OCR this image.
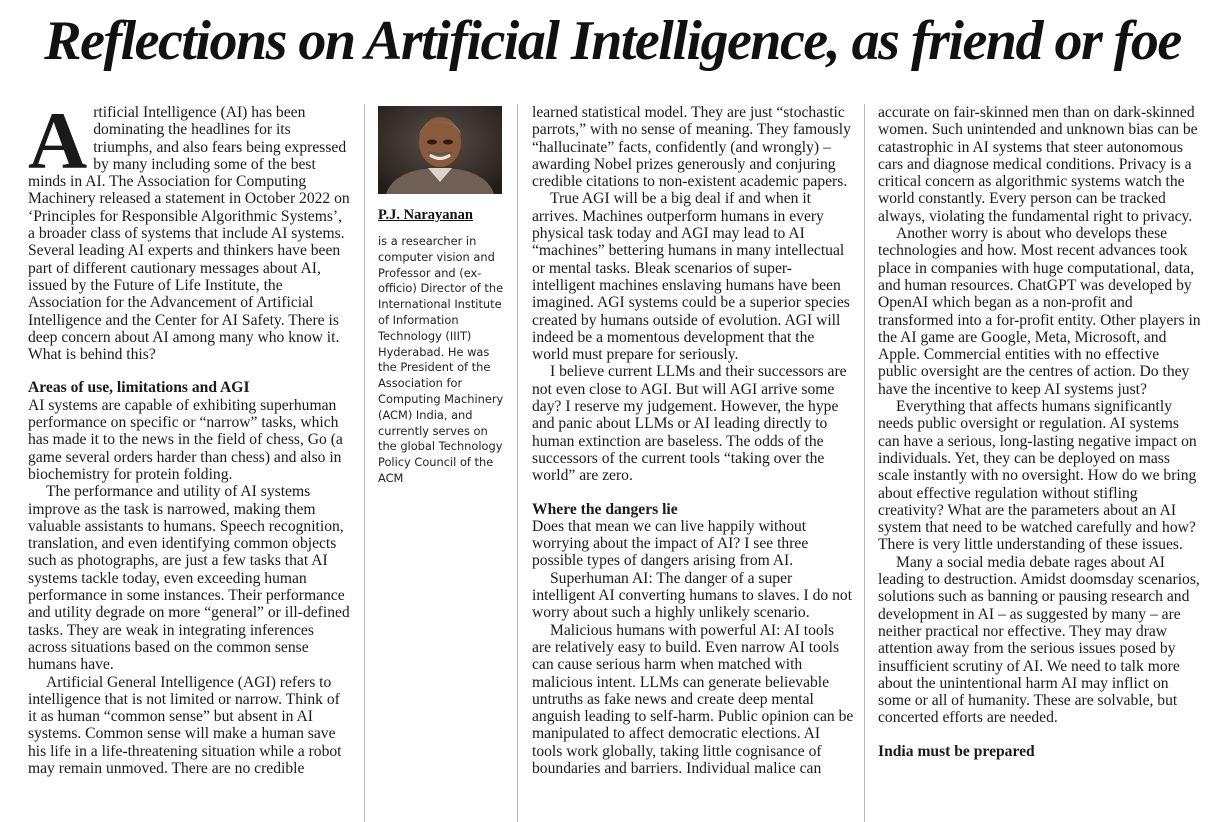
Reflections on Artificial Intelligence, as friend or foe
A rtificial Intelligence (AI) has been dominating the headlines for its triumphs, and also fears being expressed by many including some of the best minds in AI. The Association for Computing Machinery released a statement in October 2022 on ‘Principles for Responsible Algorithmic Systems’, a broader class of systems that include AI systems. Several leading AI experts and thinkers have been part of different cautionary messages about AI, issued by the Future of Life Institute, the Association for the Advancement of Artificial Intelligence and the Center for AI Safety. There is deep concern about AI among many who know it. What is behind this?

Areas of use, limitations and AGI

AI systems are capable of exhibiting superhuman performance on specific or “narrow” tasks, which has made it to the news in the field of chess, Go (a game several orders harder than chess) and also in biochemistry for protein folding.

The performance and utility of AI systems improve as the task is narrowed, making them valuable assistants to humans. Speech recognition, translation, and even identifying common objects such as photographs, are just a few tasks that AI systems tackle today, even exceeding human performance in some instances. Their performance and utility degrade on more “general” or ill-defined tasks. They are weak in integrating inferences across situations based on the common sense humans have.

Artificial General Intelligence (AGI) refers to intelligence that is not limited or narrow. Think of it as human “common sense” but absent in AI systems. Common sense will make a human save his life in a life-threatening situation while a robot may remain unmoved. There are no credible

P.J. Narayanan
is a researcher in computer vision and Professor and (ex-officio) Director of the International Institute of Information Technology (IIIT) Hyderabad. He was the President of the Association for Computing Machinery (ACM) India, and currently serves on the global Technology Policy Council of the ACM

learned statistical model. They are just “stochastic parrots,” with no sense of meaning. They famously “hallucinate” facts, confidently (and wrongly) – awarding Nobel prizes generously and conjuring credible citations to non-existent academic papers.

True AGI will be a big deal if and when it arrives. Machines outperform humans in every physical task today and AGI may lead to AI “machines” bettering humans in many intellectual or mental tasks. Bleak scenarios of super-intelligent machines enslaving humans have been imagined. AGI systems could be a superior species created by humans outside of evolution. AGI will indeed be a momentous development that the world must prepare for seriously.

I believe current LLMs and their successors are not even close to AGI. But will AGI arrive some day? I reserve my judgement. However, the hype and panic about LLMs or AI leading directly to human extinction are baseless. The odds of the successors of the current tools “taking over the world” are zero.

Where the dangers lie

Does that mean we can live happily without worrying about the impact of AI? I see three possible types of dangers arising from AI.

Superhuman AI: The danger of a super intelligent AI converting humans to slaves. I do not worry about such a highly unlikely scenario.

Malicious humans with powerful AI: AI tools are relatively easy to build. Even narrow AI tools can cause serious harm when matched with malicious intent. LLMs can generate believable untruths as fake news and create deep mental anguish leading to self-harm. Public opinion can be manipulated to affect democratic elections. AI tools work globally, taking little cognisance of boundaries and barriers. Individual malice can

accurate on fair-skinned men than on dark-skinned women. Such unintended and unknown bias can be catastrophic in AI systems that steer autonomous cars and diagnose medical conditions. Privacy is a critical concern as algorithmic systems watch the world constantly. Every person can be tracked always, violating the fundamental right to privacy.

Another worry is about who develops these technologies and how. Most recent advances took place in companies with huge computational, data, and human resources. ChatGPT was developed by OpenAI which began as a non-profit and transformed into a for-profit entity. Other players in the AI game are Google, Meta, Microsoft, and Apple. Commercial entities with no effective public oversight are the centres of action. Do they have the incentive to keep AI systems just?

Everything that affects humans significantly needs public oversight or regulation. AI systems can have a serious, long-lasting negative impact on individuals. Yet, they can be deployed on mass scale instantly with no oversight. How do we bring about effective regulation without stifling creativity? What are the parameters about an AI system that need to be watched carefully and how? There is very little understanding of these issues.

Many a social media debate rages about AI leading to destruction. Amidst doomsday scenarios, solutions such as banning or pausing research and development in AI – as suggested by many – are neither practical nor effective. They may draw attention away from the serious issues posed by insufficient scrutiny of AI. We need to talk more about the unintentional harm AI may inflict on some or all of humanity. These are solvable, but concerted efforts are needed.

India must be prepared
